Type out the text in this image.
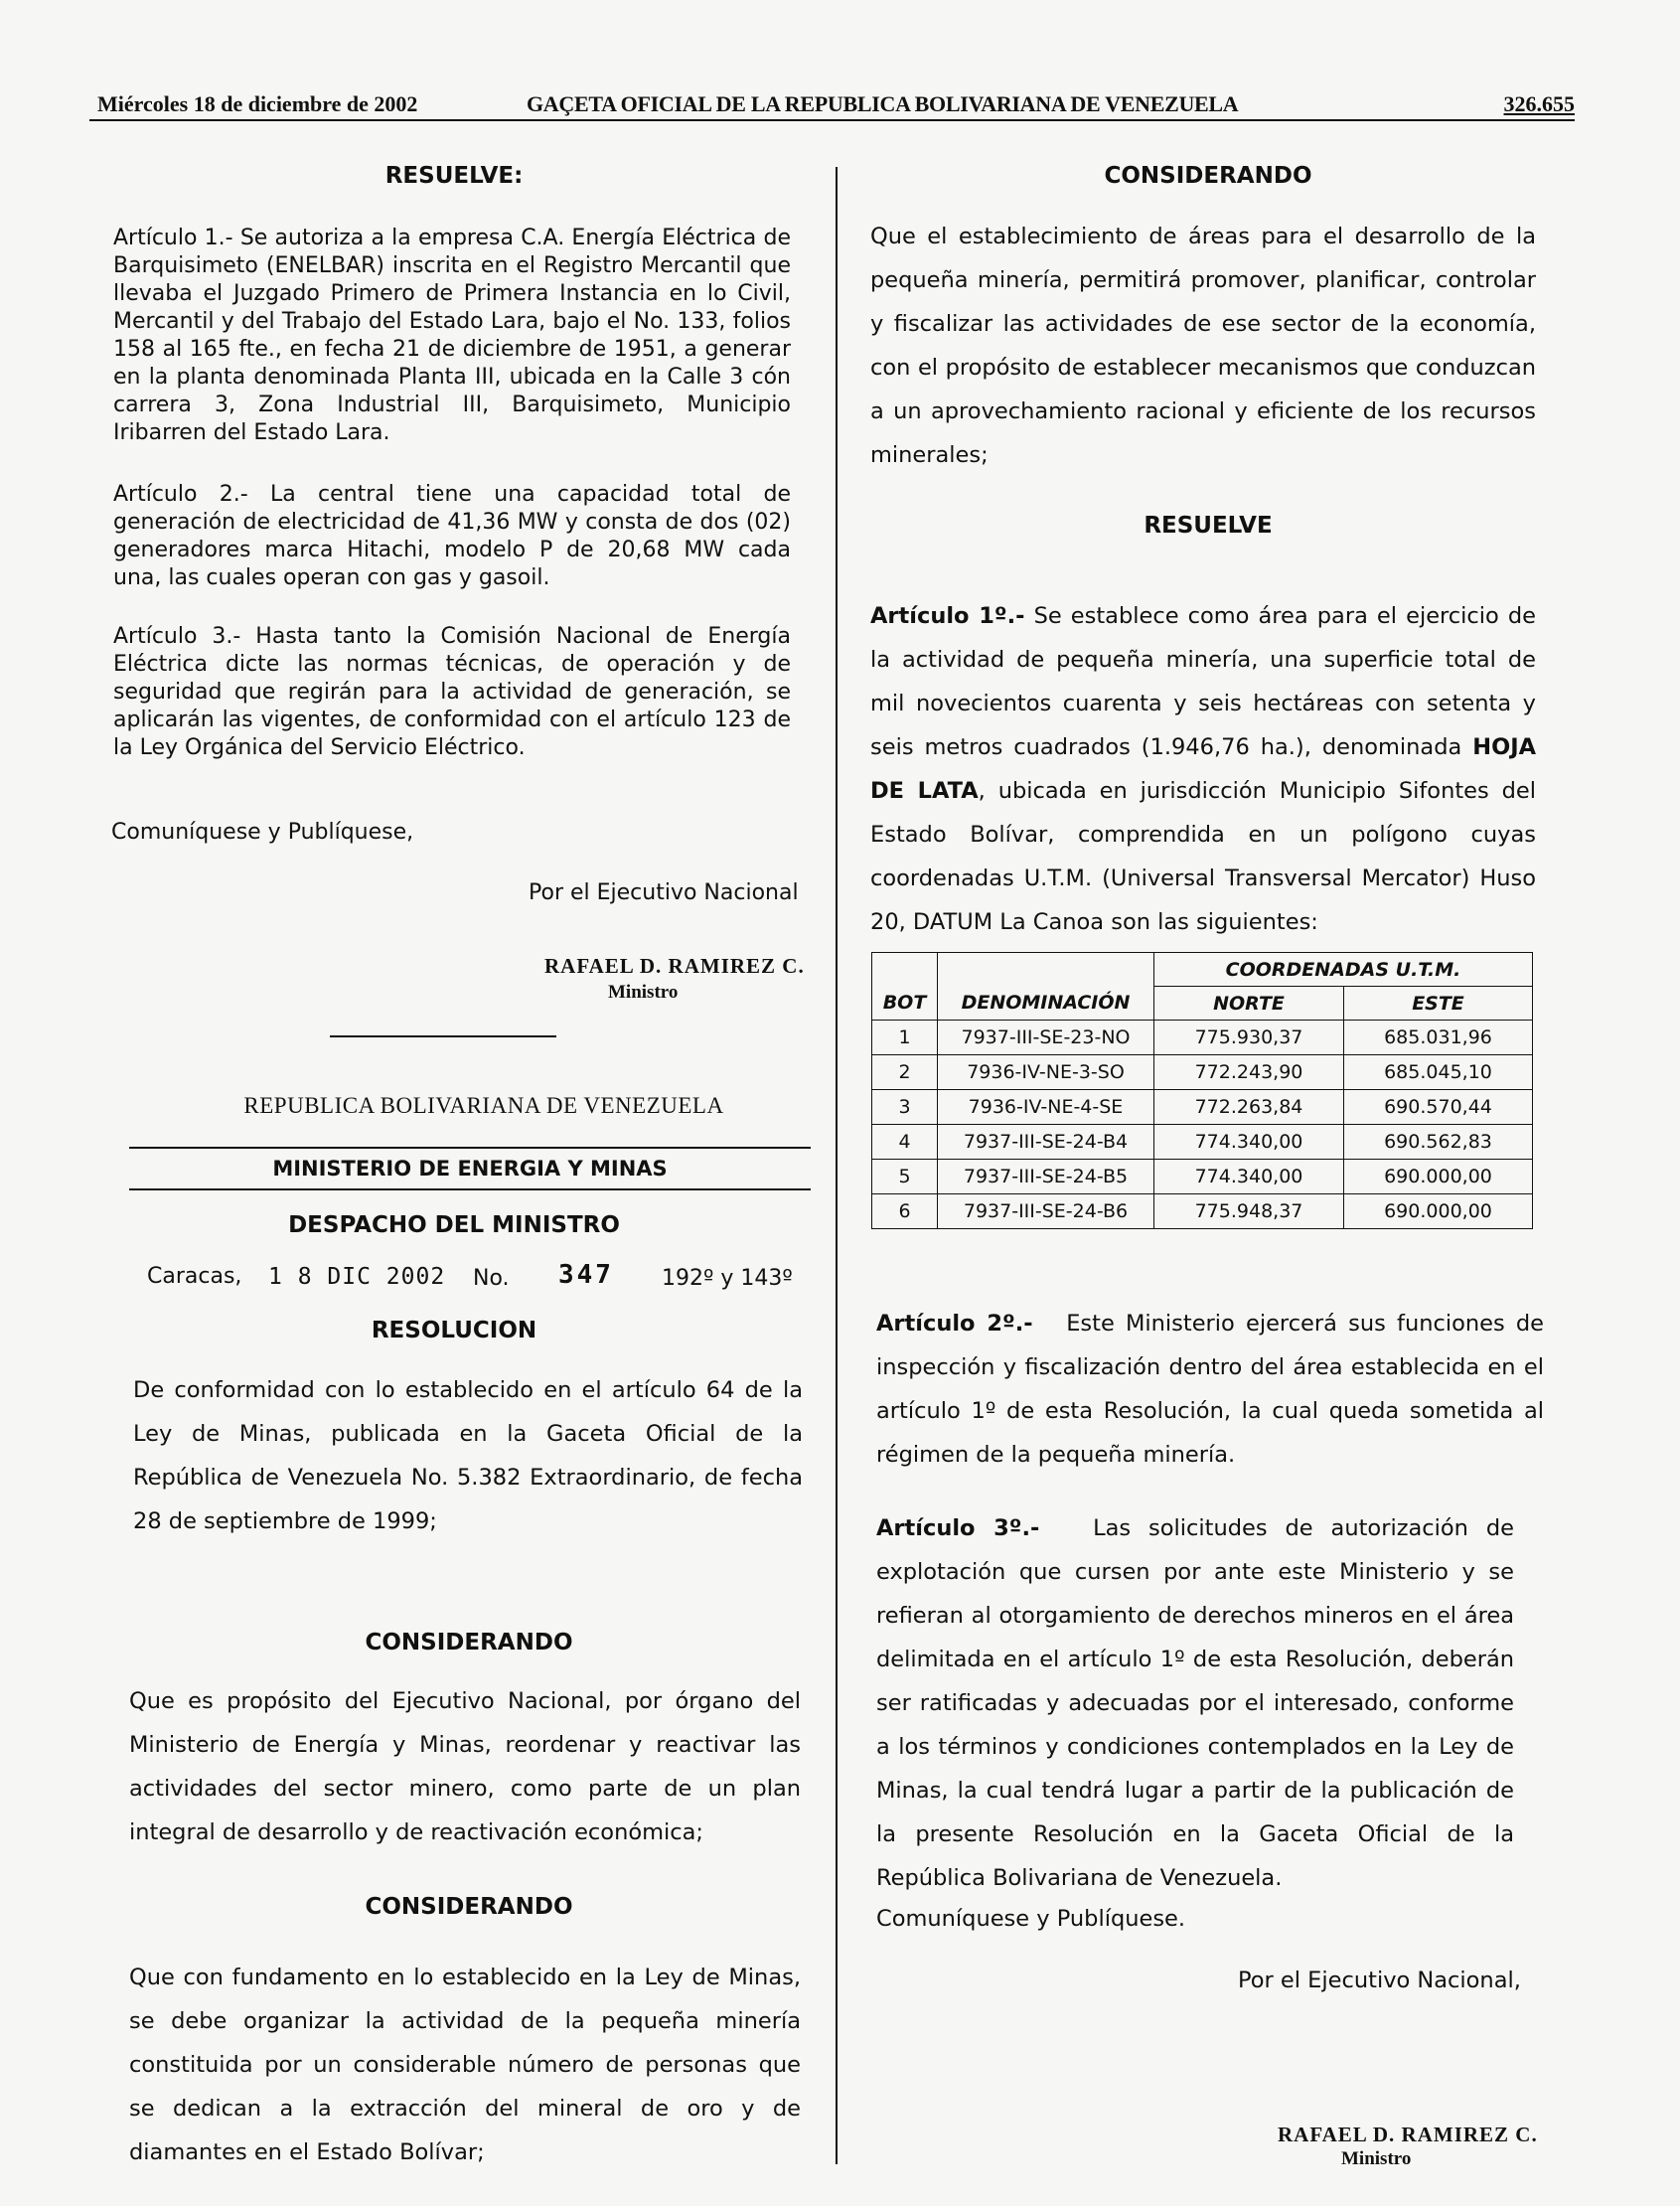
Miércoles 18 de diciembre de 2002	GAÇETA OFICIAL DE LA REPUBLICA BOLIVARIANA DE VENEZUELA	326.655
RESUELVE:

Artículo 1.- Se autoriza a la empresa C.A. Energía Eléctrica de Barquisimeto (ENELBAR) inscrita en el Registro Mercantil que llevaba el Juzgado Primero de Primera Instancia en lo Civil, Mercantil y del Trabajo del Estado Lara, bajo el No. 133, folios 158 al 165 fte., en fecha 21 de diciembre de 1951, a generar en la planta denominada Planta III, ubicada en la Calle 3 cón carrera 3, Zona Industrial III, Barquisimeto, Municipio Iribarren del Estado Lara.

Artículo 2.- La central tiene una capacidad total de generación de electricidad de 41,36 MW y consta de dos (02) generadores marca Hitachi, modelo P de 20,68 MW cada una, las cuales operan con gas y gasoil.

Artículo 3.- Hasta tanto la Comisión Nacional de Energía Eléctrica dicte las normas técnicas, de operación y de seguridad que regirán para la actividad de generación, se aplicarán las vigentes, de conformidad con el artículo 123 de la Ley Orgánica del Servicio Eléctrico.

Comuníquese y Publíquese,
Por el Ejecutivo Nacional
RAFAEL D. RAMIREZ C.
Ministro
REPUBLICA BOLIVARIANA DE VENEZUELA
MINISTERIO DE ENERGIA Y MINAS
DESPACHO DEL MINISTRO
Caracas, 1 8 DIC 2002 No. 347 192º y 143º
RESOLUCION

De conformidad con lo establecido en el artículo 64 de la Ley de Minas, publicada en la Gaceta Oficial de la República de Venezuela No. 5.382 Extraordinario, de fecha 28 de septiembre de 1999;

CONSIDERANDO

Que es propósito del Ejecutivo Nacional, por órgano del Ministerio de Energía y Minas, reordenar y reactivar las actividades del sector minero, como parte de un plan integral de desarrollo y de reactivación económica;

CONSIDERANDO

Que con fundamento en lo establecido en la Ley de Minas, se debe organizar la actividad de la pequeña minería constituida por un considerable número de personas que se dedican a la extracción del mineral de oro y de diamantes en el Estado Bolívar;

CONSIDERANDO

Que el establecimiento de áreas para el desarrollo de la pequeña minería, permitirá promover, planificar, controlar y fiscalizar las actividades de ese sector de la economía, con el propósito de establecer mecanismos que conduzcan a un aprovechamiento racional y eficiente de los recursos minerales;

RESUELVE

Artículo 1º.- Se establece como área para el ejercicio de la actividad de pequeña minería, una superficie total de mil novecientos cuarenta y seis hectáreas con setenta y seis metros cuadrados (1.946,76 ha.), denominada HOJA DE LATA, ubicada en jurisdicción Municipio Sifontes del Estado Bolívar, comprendida en un polígono cuyas coordenadas U.T.M. (Universal Transversal Mercator) Huso 20, DATUM La Canoa son las siguientes:

BOT	DENOMINACIÓN	COORDENADAS U.T.M.	
		NORTE	ESTE
1	7937-III-SE-23-NO	775.930,37	685.031,96
2	7936-IV-NE-3-SO	772.243,90	685.045,10
3	7936-IV-NE-4-SE	772.263,84	690.570,44
4	7937-III-SE-24-B4	774.340,00	690.562,83
5	7937-III-SE-24-B5	774.340,00	690.000,00
6	7937-III-SE-24-B6	775.948,37	690.000,00

Artículo 2º.- Este Ministerio ejercerá sus funciones de inspección y fiscalización dentro del área establecida en el artículo 1º de esta Resolución, la cual queda sometida al régimen de la pequeña minería.

Artículo 3º.- Las solicitudes de autorización de explotación que cursen por ante este Ministerio y se refieran al otorgamiento de derechos mineros en el área delimitada en el artículo 1º de esta Resolución, deberán ser ratificadas y adecuadas por el interesado, conforme a los términos y condiciones contemplados en la Ley de Minas, la cual tendrá lugar a partir de la publicación de la presente Resolución en la Gaceta Oficial de la República Bolivariana de Venezuela.

Comuníquese y Publíquese.
Por el Ejecutivo Nacional,
RAFAEL D. RAMIREZ C.
Ministro
